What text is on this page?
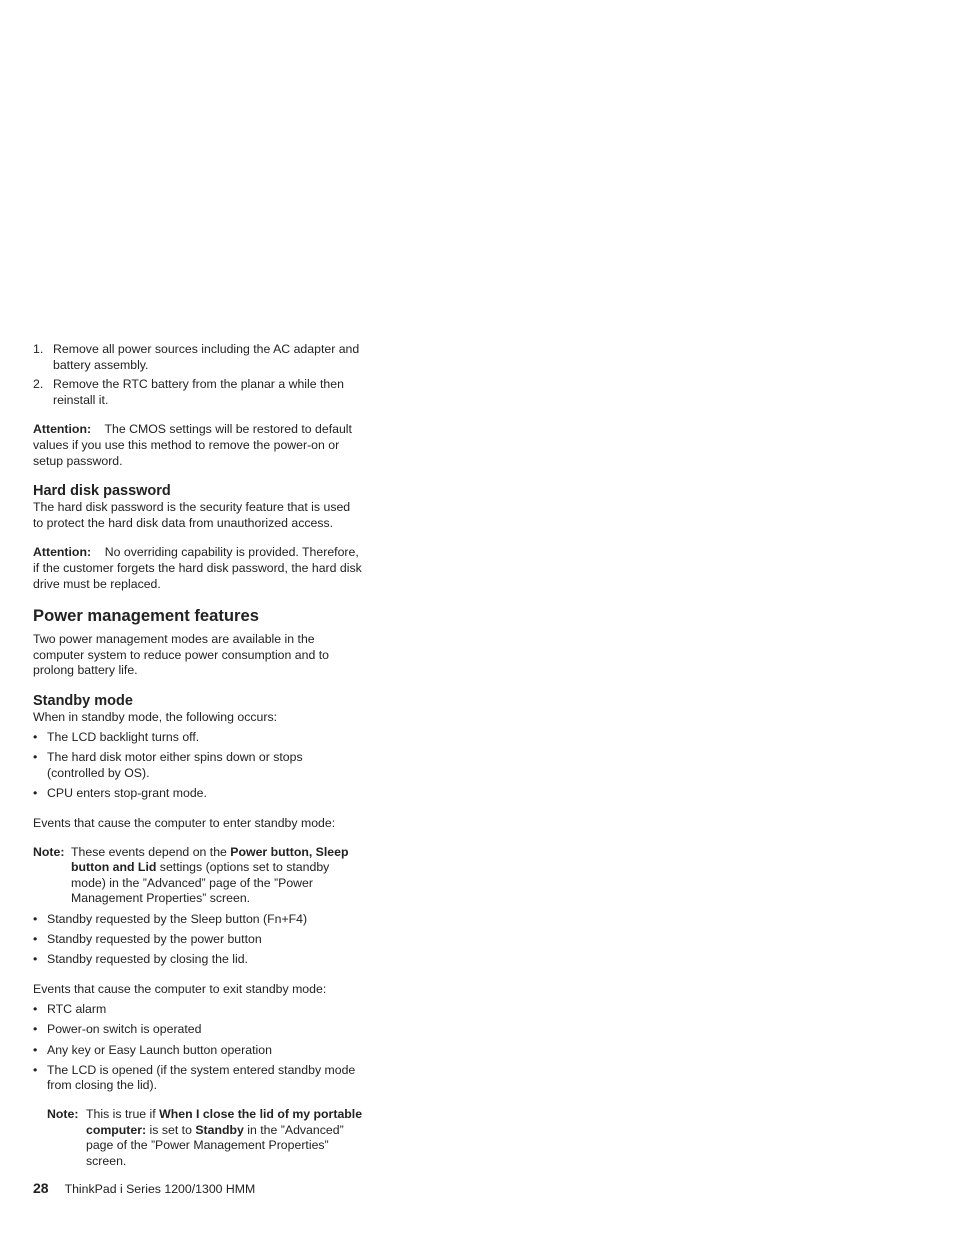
1. Remove all power sources including the AC adapter and battery assembly.
2. Remove the RTC battery from the planar a while then reinstall it.

Attention: The CMOS settings will be restored to default values if you use this method to remove the power-on or setup password.

Hard disk password

The hard disk password is the security feature that is used to protect the hard disk data from unauthorized access.

Attention: No overriding capability is provided. Therefore, if the customer forgets the hard disk password, the hard disk drive must be replaced.

Power management features

Two power management modes are available in the computer system to reduce power consumption and to prolong battery life.

Standby mode

When in standby mode, the following occurs:

• The LCD backlight turns off.
• The hard disk motor either spins down or stops (controlled by OS).
• CPU enters stop-grant mode.

Events that cause the computer to enter standby mode:

Note: These events depend on the Power button, Sleep button and Lid settings (options set to standby mode) in the ”Advanced” page of the ”Power Management Properties” screen.
• Standby requested by the Sleep button (Fn+F4)
• Standby requested by the power button
• Standby requested by closing the lid.

Events that cause the computer to exit standby mode:

• RTC alarm
• Power-on switch is operated
• Any key or Easy Launch button operation
• The LCD is opened (if the system entered standby mode from closing the lid).
Note: This is true if When I close the lid of my portable computer: is set to Standby in the ”Advanced” page of the ”Power Management Properties” screen.
28 ThinkPad i Series 1200/1300 HMM
